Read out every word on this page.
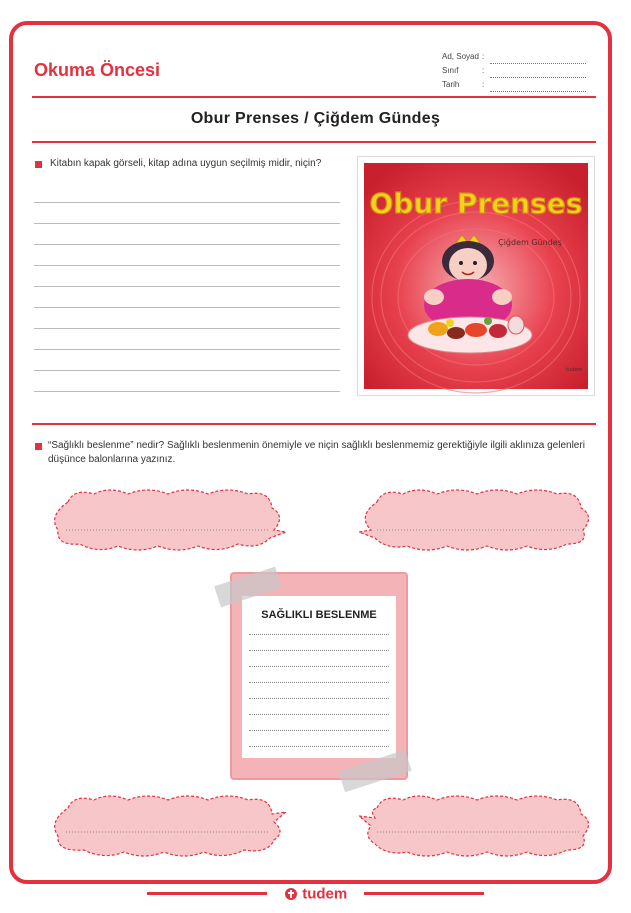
Okuma Öncesi
Ad, Soyad :
Sınıf	:
Tarih	:
Obur Prenses / Çiğdem Gündeş
Kitabın kapak görseli, kitap adına uygun seçilmiş midir, niçin?
Obur Prenses
Çiğdem Gündeş
tudem
“Sağlıklı beslenme” nedir? Sağlıklı beslenmenin önemiyle ve niçin sağlıklı beslenmemiz gerektiğiyle ilgili aklınıza gelenleri düşünce balonlarına yazınız.
SAĞLIKLI BESLENME
tudem
